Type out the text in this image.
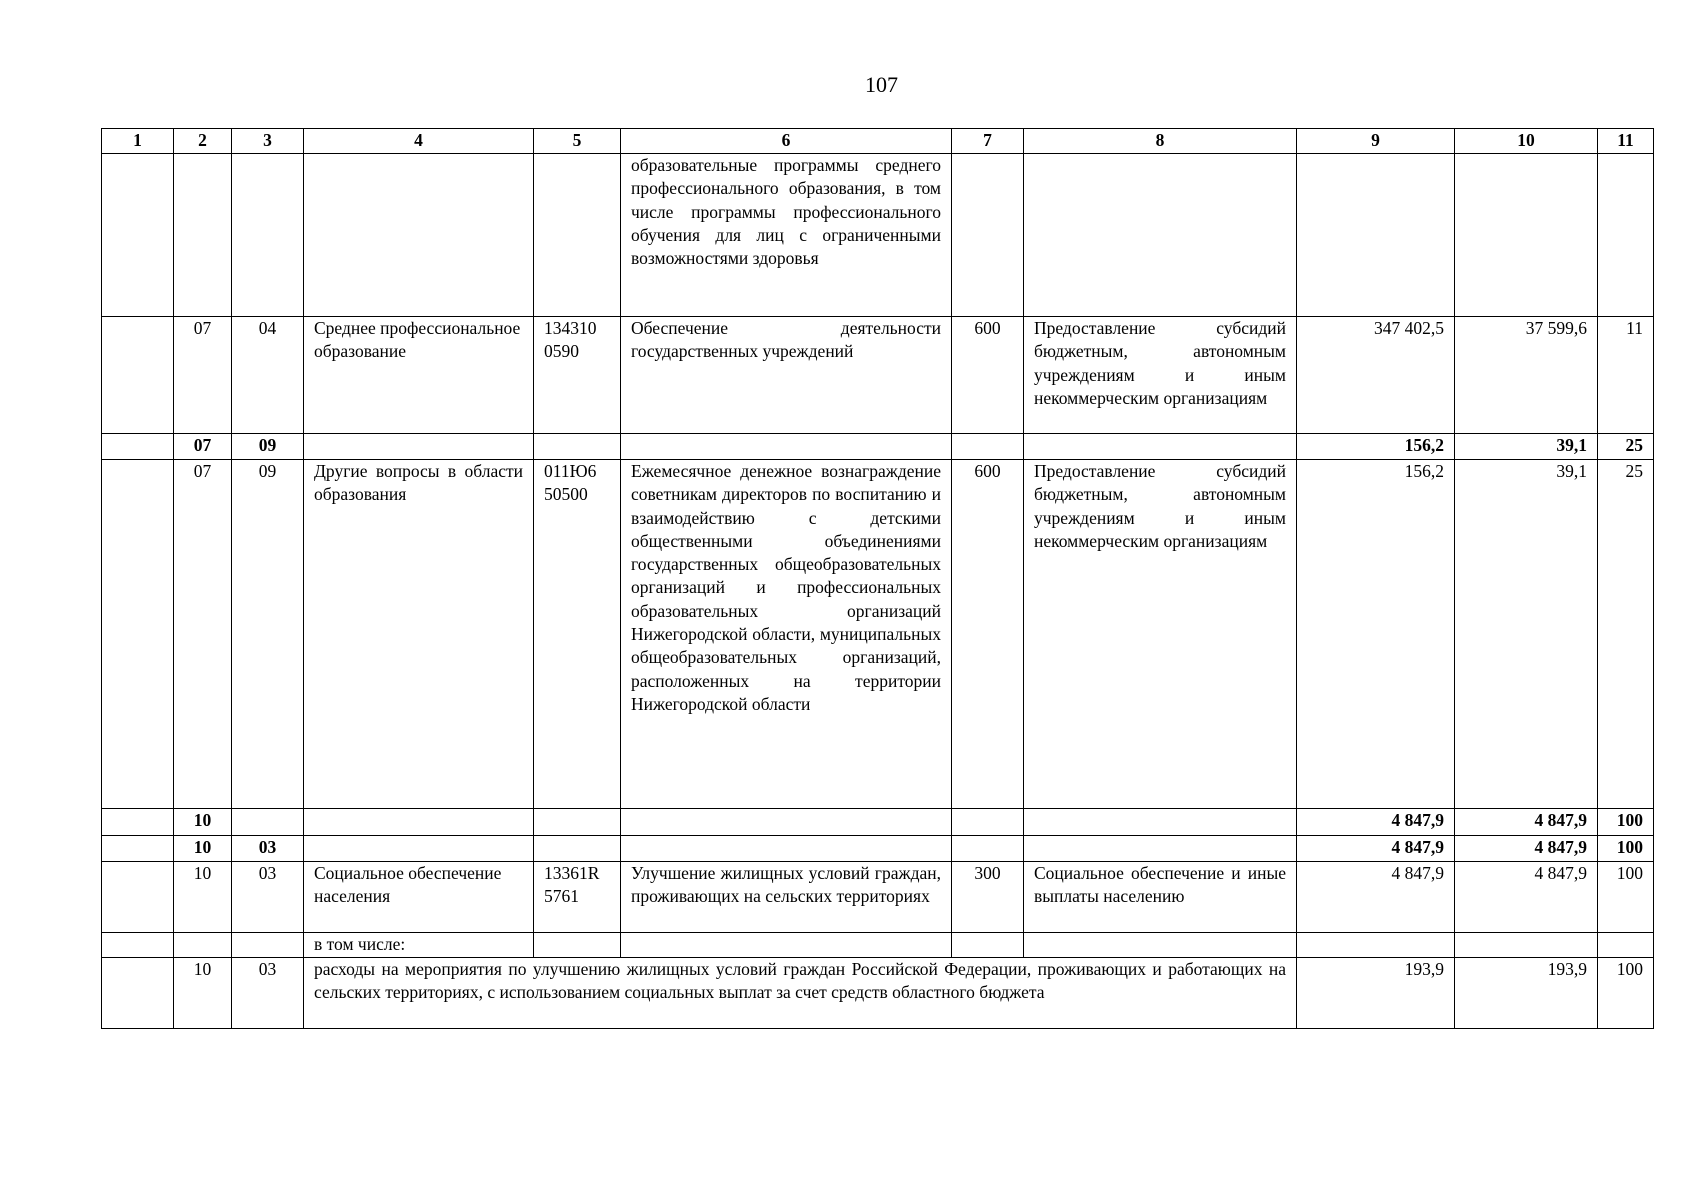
107
1	2	3	4	5	6	7	8	9	10	11
					образовательные программы среднего профессионального образования, в том числе программы профессионального обучения для лиц с ограниченными возможностями здоровья					
	07	04	Среднее профессиональное образование	134310 0590	Обеспечение деятельности государственных учреждений	600	Предоставление субсидий бюджетным, автономным учреждениям и иным некоммерческим организациям	347 402,5	37 599,6	11
	07	09						156,2	39,1	25
	07	09	Другие вопросы в области образования	011Ю6 50500	Ежемесячное денежное вознаграждение советникам директоров по воспитанию и взаимодействию с детскими общественными объединениями государственных общеобразовательных организаций и профессиональных образовательных организаций Нижегородской области, муниципальных общеобразовательных организаций, расположенных на территории Нижегородской области	600	Предоставление субсидий бюджетным, автономным учреждениям и иным некоммерческим организациям	156,2	39,1	25
	10							4 847,9	4 847,9	100
	10	03						4 847,9	4 847,9	100
	10	03	Социальное обеспечение населения	13361R 5761	Улучшение жилищных условий граждан, проживающих на сельских территориях	300	Социальное обеспечение и иные выплаты населению	4 847,9	4 847,9	100
			в том числе:							
	10	03	расходы на мероприятия по улучшению жилищных условий граждан Российской Федерации, проживающих и работающих на сельских территориях, с использованием социальных выплат за счет средств областного бюджета					193,9	193,9	100
